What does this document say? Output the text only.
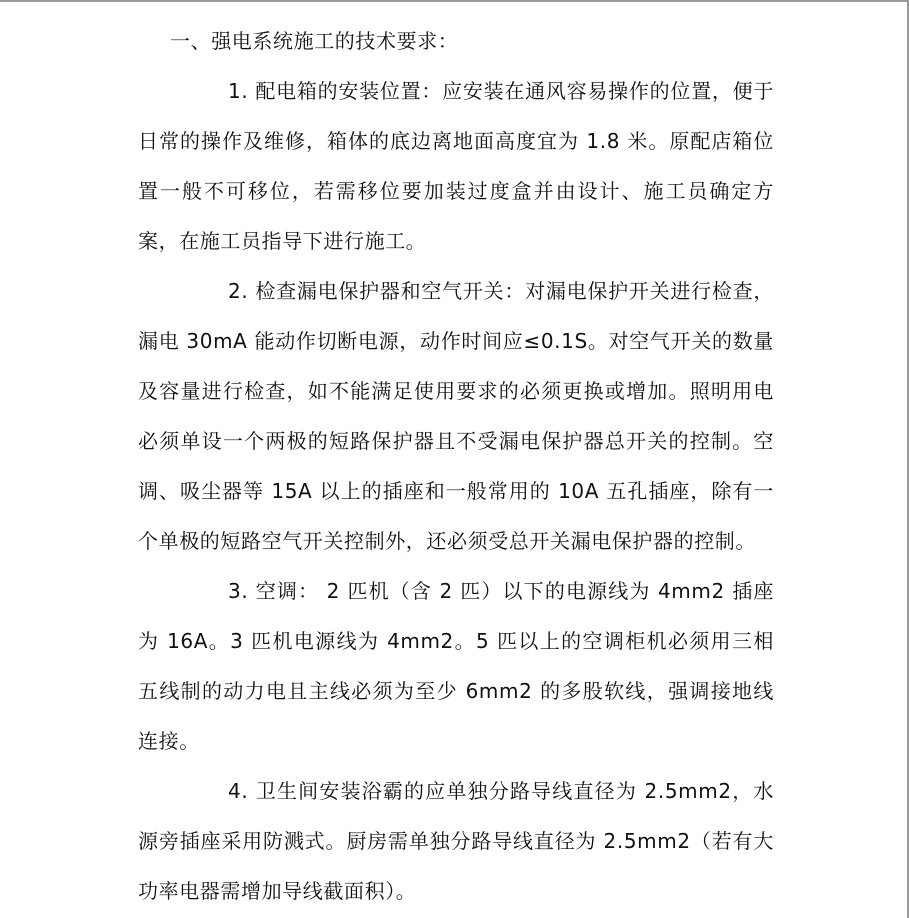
一、强电系统施工的技术要求：

1. 配电箱的安装位置：应安装在通风容易操作的位置，便于日常的操作及维修，箱体的底边离地面高度宜为 1.8 米。原配店箱位置一般不可移位，若需移位要加装过度盒并由设计、施工员确定方案，在施工员指导下进行施工。

2. 检查漏电保护器和空气开关：对漏电保护开关进行检查，漏电 30mA 能动作切断电源，动作时间应≤0.1S。对空气开关的数量及容量进行检查，如不能满足使用要求的必须更换或增加。照明用电必须单设一个两极的短路保护器且不受漏电保护器总开关的控制。空调、吸尘器等 15A 以上的插座和一般常用的 10A 五孔插座，除有一个单极的短路空气开关控制外，还必须受总开关漏电保护器的控制。

3. 空调： 2 匹机（含 2 匹）以下的电源线为 4mm2 插座为 16A。3 匹机电源线为 4mm2。5 匹以上的空调柜机必须用三相五线制的动力电且主线必须为至少 6mm2 的多股软线，强调接地线连接。

4. 卫生间安装浴霸的应单独分路导线直径为 2.5mm2，水源旁插座采用防溅式。厨房需单独分路导线直径为 2.5mm2（若有大功率电器需增加导线截面积）。
